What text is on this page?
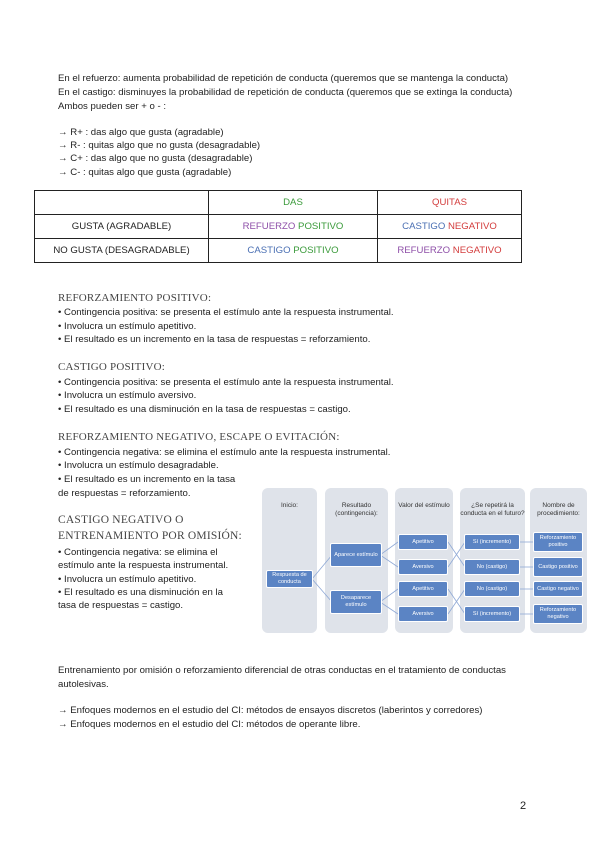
En el refuerzo: aumenta probabilidad de repetición de conducta (queremos que se mantenga la conducta)
En el castigo: disminuyes la probabilidad de repetición de conducta (queremos que se extinga la conducta)
Ambos pueden ser + o - :
→ R+ : das algo que gusta (agradable)
→ R- : quitas algo que no gusta (desagradable)
→ C+ : das algo que no gusta (desagradable)
→ C- : quitas algo que gusta (agradable)
	DAS	QUITAS
GUSTA (AGRADABLE)	REFUERZO POSITIVO	CASTIGO NEGATIVO
NO GUSTA (DESAGRADABLE)	CASTIGO POSITIVO	REFUERZO NEGATIVO
REFORZAMIENTO POSITIVO:
• Contingencia positiva: se presenta el estímulo ante la respuesta instrumental.
• Involucra un estímulo apetitivo.
• El resultado es un incremento en la tasa de respuestas = reforzamiento.
CASTIGO POSITIVO:
• Contingencia positiva: se presenta el estímulo ante la respuesta instrumental.
• Involucra un estímulo aversivo.
• El resultado es una disminución en la tasa de respuestas = castigo.
REFORZAMIENTO NEGATIVO, ESCAPE O EVITACIÓN:
• Contingencia negativa: se elimina el estímulo ante la respuesta instrumental.
• Involucra un estímulo desagradable.
• El resultado es un incremento en la tasa
de respuestas = reforzamiento.
CASTIGO NEGATIVO O
ENTRENAMIENTO POR OMISIÓN:
• Contingencia negativa: se elimina el
estímulo ante la respuesta instrumental.
• Involucra un estímulo apetitivo.
• El resultado es una disminución en la
tasa de respuestas = castigo.
Inicio:	Resultado (contingencia):
Valor del estímulo	¿Se repetirá la conducta en el futuro?
Nombre de procedimiento:
Respuesta de conducta
Aparece estímulo
Desaparece estímulo
Apetitivo
Aversivo
Apetitivo
Aversivo
Sí (incremento)
No (castigo)
No (castigo)
Sí (incremento)
Reforzamiento positivo
Castigo positivo
Castigo negativo
Reforzamiento negativo
Entrenamiento por omisión o reforzamiento diferencial de otras conductas en el tratamiento de conductas
autolesivas.
→ Enfoques modernos en el estudio del CI: métodos de ensayos discretos (laberintos y corredores)
→ Enfoques modernos en el estudio del CI: métodos de operante libre.
2
